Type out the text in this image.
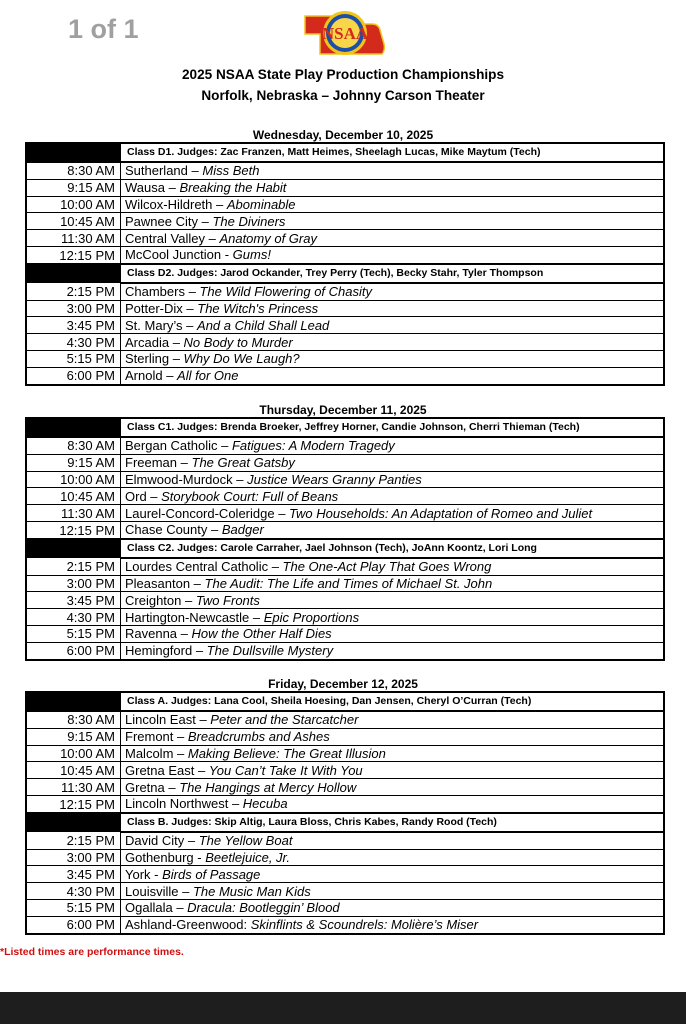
1 of 1	NSAA
2025 NSAA State Play Production Championships
Norfolk, Nebraska – Johnny Carson Theater
Wednesday, December 10, 2025
	Class D1. Judges: Zac Franzen, Matt Heimes, Sheelagh Lucas, Mike Maytum (Tech)
8:30 AM	Sutherland – Miss Beth
9:15 AM	Wausa – Breaking the Habit
10:00 AM	Wilcox-Hildreth – Abominable
10:45 AM	Pawnee City – The Diviners
11:30 AM	Central Valley – Anatomy of Gray
12:15 PM	McCool Junction - Gums!
	Class D2. Judges: Jarod Ockander, Trey Perry (Tech), Becky Stahr, Tyler Thompson
2:15 PM	Chambers – The Wild Flowering of Chasity
3:00 PM	Potter-Dix – The Witch's Princess
3:45 PM	St. Mary’s – And a Child Shall Lead
4:30 PM	Arcadia – No Body to Murder
5:15 PM	Sterling – Why Do We Laugh?
6:00 PM	Arnold – All for One
Thursday, December 11, 2025
	Class C1. Judges: Brenda Broeker, Jeffrey Horner, Candie Johnson, Cherri Thieman (Tech)
8:30 AM	Bergan Catholic – Fatigues: A Modern Tragedy
9:15 AM	Freeman – The Great Gatsby
10:00 AM	Elmwood-Murdock – Justice Wears Granny Panties
10:45 AM	Ord – Storybook Court: Full of Beans
11:30 AM	Laurel-Concord-Coleridge – Two Households: An Adaptation of Romeo and Juliet
12:15 PM	Chase County – Badger
	Class C2. Judges: Carole Carraher, Jael Johnson (Tech), JoAnn Koontz, Lori Long
2:15 PM	Lourdes Central Catholic – The One-Act Play That Goes Wrong
3:00 PM	Pleasanton – The Audit: The Life and Times of Michael St. John
3:45 PM	Creighton – Two Fronts
4:30 PM	Hartington-Newcastle – Epic Proportions
5:15 PM	Ravenna – How the Other Half Dies
6:00 PM	Hemingford – The Dullsville Mystery
Friday, December 12, 2025
	Class A. Judges: Lana Cool, Sheila Hoesing, Dan Jensen, Cheryl O’Curran (Tech)
8:30 AM	Lincoln East – Peter and the Starcatcher
9:15 AM	Fremont – Breadcrumbs and Ashes
10:00 AM	Malcolm – Making Believe: The Great Illusion
10:45 AM	Gretna East – You Can’t Take It With You
11:30 AM	Gretna – The Hangings at Mercy Hollow
12:15 PM	Lincoln Northwest – Hecuba
	Class B. Judges: Skip Altig, Laura Bloss, Chris Kabes, Randy Rood (Tech)
2:15 PM	David City – The Yellow Boat
3:00 PM	Gothenburg - Beetlejuice, Jr.
3:45 PM	York - Birds of Passage
4:30 PM	Louisville – The Music Man Kids
5:15 PM	Ogallala – Dracula: Bootleggin’ Blood
6:00 PM	Ashland-Greenwood: Skinflints & Scoundrels: Molière’s Miser
*Listed times are performance times.
